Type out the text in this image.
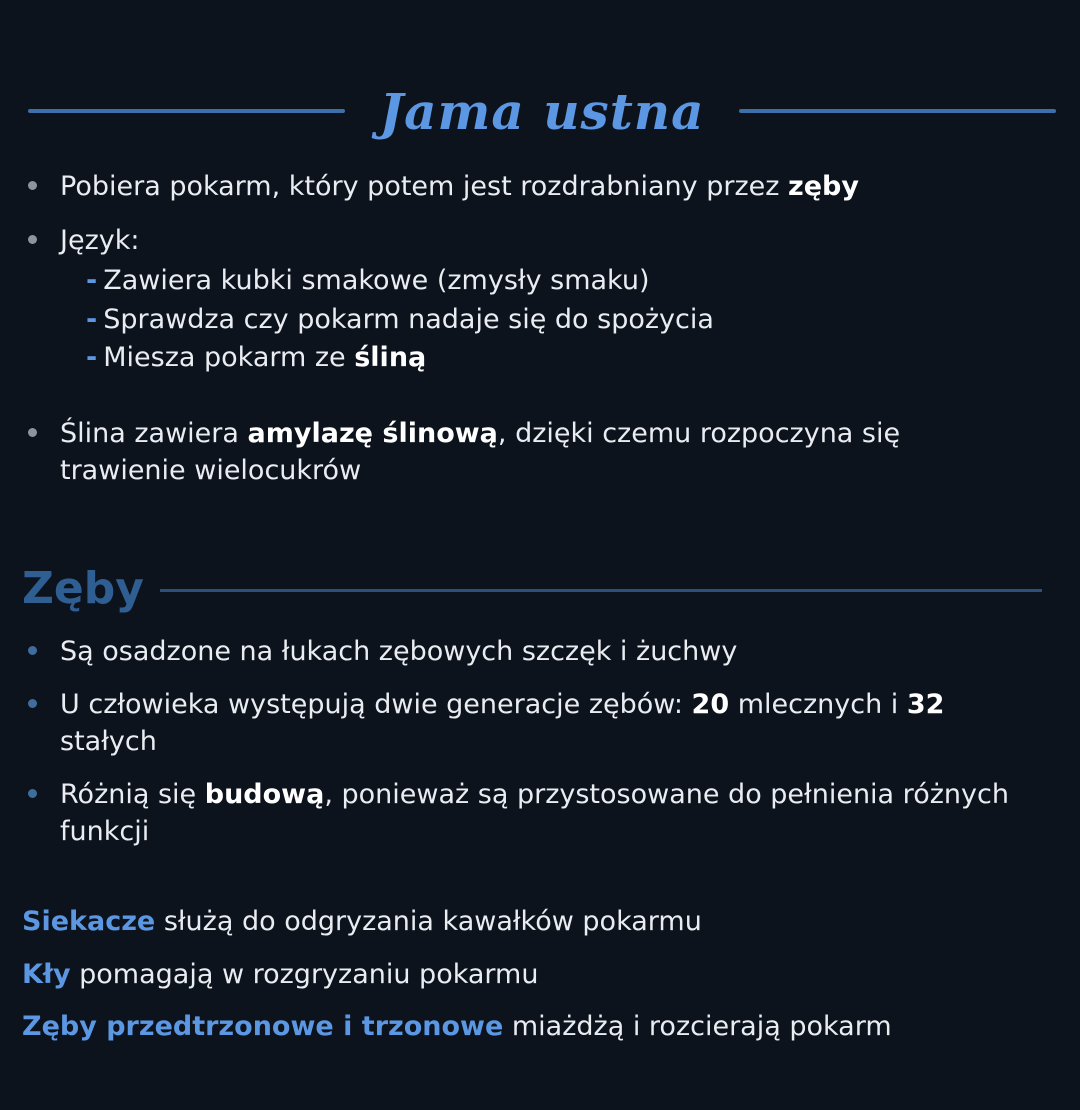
Jama ustna
Pobiera pokarm, który potem jest rozdrabniany przez zęby
Język:
- Zawiera kubki smakowe (zmysły smaku)
- Sprawdza czy pokarm nadaje się do spożycia
- Miesza pokarm ze śliną
Ślina zawiera amylazę ślinową, dzięki czemu rozpoczyna się
trawienie wielocukrów
Zęby
Są osadzone na łukach zębowych szczęk i żuchwy
U człowieka występują dwie generacje zębów: 20 mlecznych i 32
stałych
Różnią się budową, ponieważ są przystosowane do pełnienia różnych
funkcji
Siekacze służą do odgryzania kawałków pokarmu
Kły pomagają w rozgryzaniu pokarmu
Zęby przedtrzonowe i trzonowe miażdżą i rozcierają pokarm
